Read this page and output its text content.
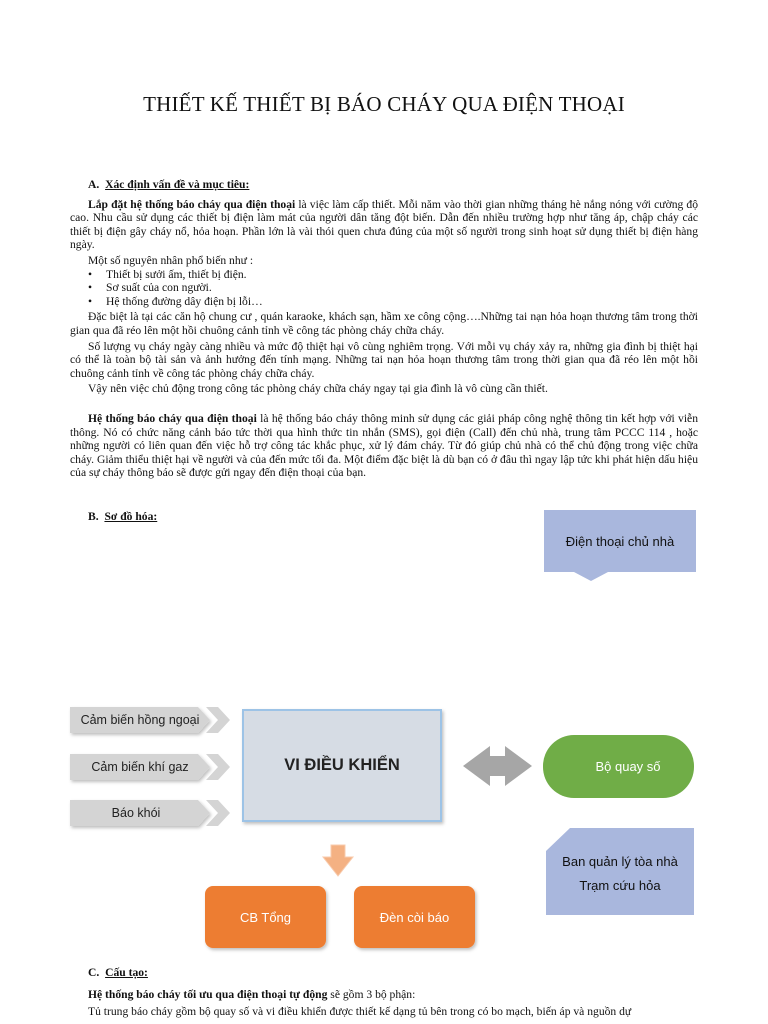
THIẾT KẾ THIẾT BỊ BÁO CHÁY QUA ĐIỆN THOẠI
A. Xác định vấn đề và mục tiêu:

Lắp đặt hệ thống báo cháy qua điện thoại là việc làm cấp thiết. Mỗi năm vào thời gian những tháng hè nắng nóng với cường độ cao. Nhu cầu sử dụng các thiết bị điện làm mát của người dân tăng đột biến. Dẫn đến nhiều trường hợp như tăng áp, chập cháy các thiết bị điện gây cháy nổ, hỏa hoạn. Phần lớn là vài thói quen chưa đúng của một số người trong sinh hoạt sử dụng thiết bị điện hàng ngày.

Một số nguyên nhân phổ biến như :

• Thiết bị sưởi ấm, thiết bị điện.
• Sơ suất của con người.
• Hệ thống đường dây điện bị lỗi…

Đặc biệt là tại các căn hộ chung cư , quán karaoke, khách sạn, hầm xe công cộng….Những tai nạn hỏa hoạn thương tâm trong thời gian qua đã réo lên một hồi chuông cảnh tỉnh về công tác phòng cháy chữa cháy.

Số lượng vụ cháy ngày càng nhiều và mức độ thiệt hại vô cùng nghiêm trọng. Với mỗi vụ cháy xảy ra, những gia đình bị thiệt hại có thể là toàn bộ tài sản và ảnh hưởng đến tính mạng. Những tai nạn hỏa hoạn thương tâm trong thời gian qua đã réo lên một hồi chuông cảnh tỉnh về công tác phòng cháy chữa cháy.

Vậy nên việc chủ động trong công tác phòng cháy chữa cháy ngay tại gia đình là vô cùng cần thiết.

Hệ thống báo cháy qua điện thoại là hệ thống báo cháy thông minh sử dụng các giải pháp công nghệ thông tin kết hợp với viễn thông. Nó có chức năng cảnh báo tức thời qua hình thức tin nhắn (SMS), gọi điện (Call) đến chủ nhà, trung tâm PCCC 114 , hoặc những người có liên quan đến việc hỗ trợ công tác khắc phục, xử lý đám cháy. Từ đó giúp chủ nhà có thể chủ động trong việc chữa cháy. Giảm thiểu thiệt hại về người và của đến mức tối đa. Một điểm đặc biệt là dù bạn có ở đâu thì ngay lập tức khi phát hiện dấu hiệu của sự cháy thông báo sẽ được gửi ngay đến điện thoại của bạn.

B. Sơ đồ hóa:
Cảm biến hồng ngoại
Cảm biến khí gaz
Báo khói
VI ĐIỀU KHIỂN	Bộ quay số
Điện thoại chủ nhà
Ban quản lý tòa nhà
Trạm cứu hỏa
CB Tổng	Đèn còi báo
C. Cấu tạo:

Hệ thống báo cháy tối ưu qua điện thoại tự động sẽ gồm 3 bộ phận:

Tủ trung báo cháy gồm bộ quay số và vi điều khiển được thiết kế dạng tủ bên trong có bo mạch, biến áp và nguồn dự
